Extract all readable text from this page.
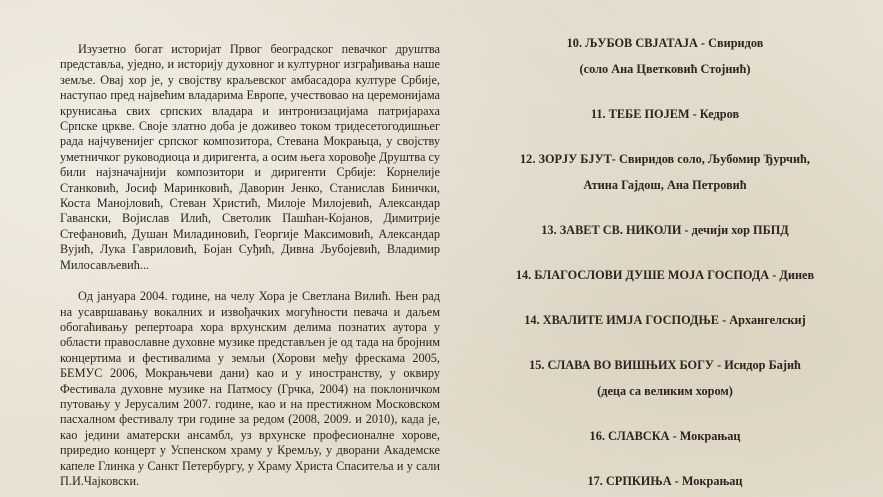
Изузетно богат историјат Првог београдског певачког друштва представља, уједно, и историју духовног и културног изграђивања наше земље. Овај хор је, у својству краљевског амбасадора културе Србије, наступао пред највећим владарима Европе, учествовао на церемонијама крунисања свих српских владара и интронизацијама патријараха Српске цркве. Своје златно доба је доживео током тридесетогодишњег рада најчувенијег српског композитора, Стевана Мокрањца, у својству уметничког руководиоца и диригента, а осим њега хоровође Друштва су били најзначајнији композитори и диригенти Србије: Корнелије Станковић, Јосиф Маринковић, Даворин Јенко, Станислав Бинички, Коста Манојловић, Стеван Христић, Милоје Милојевић, Александар Гавански, Војислав Илић, Светолик Пашћан-Којанов, Димитрије Стефановић, Душан Миладиновић, Георгије Максимовић, Александар Вујић, Лука Гавриловић, Бојан Суђић, Дивна Љубојевић, Владимир Милосављевић...

Од јануара 2004. године, на челу Хора је Светлана Вилић. Њен рад на усавршавању вокалних и извођачких могућности певача и даљем обогаћивању репертоара хора врхунским делима познатих аутора у области православне духовне музике представљен је од тада на бројним концертима и фестивалима у земљи (Хорови међу фрескама 2005, БЕМУС 2006, Мокрањчеви дани) као и у иностранству, у оквиру Фестивала духовне музике на Патмосу (Грчка, 2004) на поклоничком путовању у Јерусалим 2007. године, као и на престижном Московском пасхалном фестивалу три године за редом (2008, 2009. и 2010), када је, као једини аматерски ансамбл, уз врхунске професионалне хорове, приредио концерт у Успенском храму у Кремљу, у дворани Академске капеле Глинка у Санкт Петербургу, у Храму Христа Спаситеља и у сали П.И.Чајковски.

10. ЉУБОВ СВЈАТАЈА - Свиридов
(соло Ана Цветковић Стојнић)
11. ТЕБЕ ПОЈЕМ - Кедров
12. ЗОРЈУ БЈУТ- Свиридов соло, Љубомир Ђурчић,
Атина Гајдош, Ана Петровић
13. ЗАВЕТ СВ. НИКОЛИ - дечији хор ПБПД
14. БЛАГОСЛОВИ ДУШЕ МОЈА ГОСПОДА - Динев
14. ХВАЛИТЕ ИМЈА ГОСПОДЊЕ - Архангелскиј
15. СЛАВА ВО ВИШЊИХ БОГУ - Исидор Бајић
(деца са великим хором)
16. СЛАВСКА - Мокрањац
17. СРПКИЊА - Мокрањац
